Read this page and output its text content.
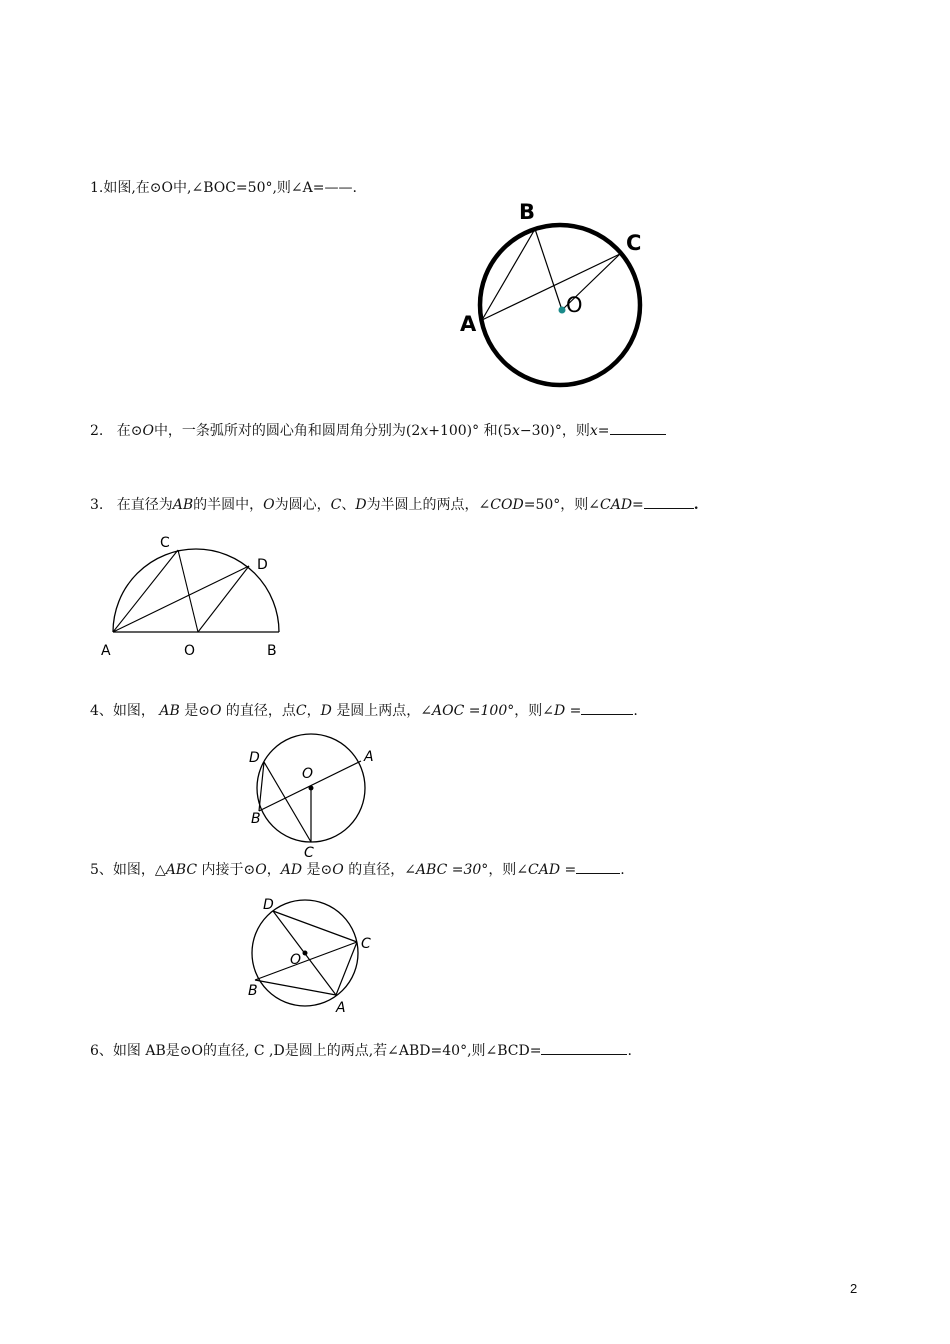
1.如图,在⊙O中,∠BOC=50°,则∠A=——.
B
C
O
A
2. 在⊙O中，一条弧所对的圆心角和圆周角分别为(2x+100)° 和(5x−30)°，则x=
3. 在直径为AB的半圆中，O为圆心，C、D为半圆上的两点，∠COD=50°，则∠CAD=	.
C
D
A	O	B
4、如图， AB 是⊙O 的直径，点C，D 是圆上两点，∠AOC =100°，则∠D =	.
D	A
O
B
C
5、如图，△ABC 内接于⊙O，AD 是⊙O 的直径，∠ABC =30°，则∠CAD =	.
D
C
O
B
A
6、如图 AB是⊙O的直径, C ,D是圆上的两点,若∠ABD=40°,则∠BCD=	.
2
